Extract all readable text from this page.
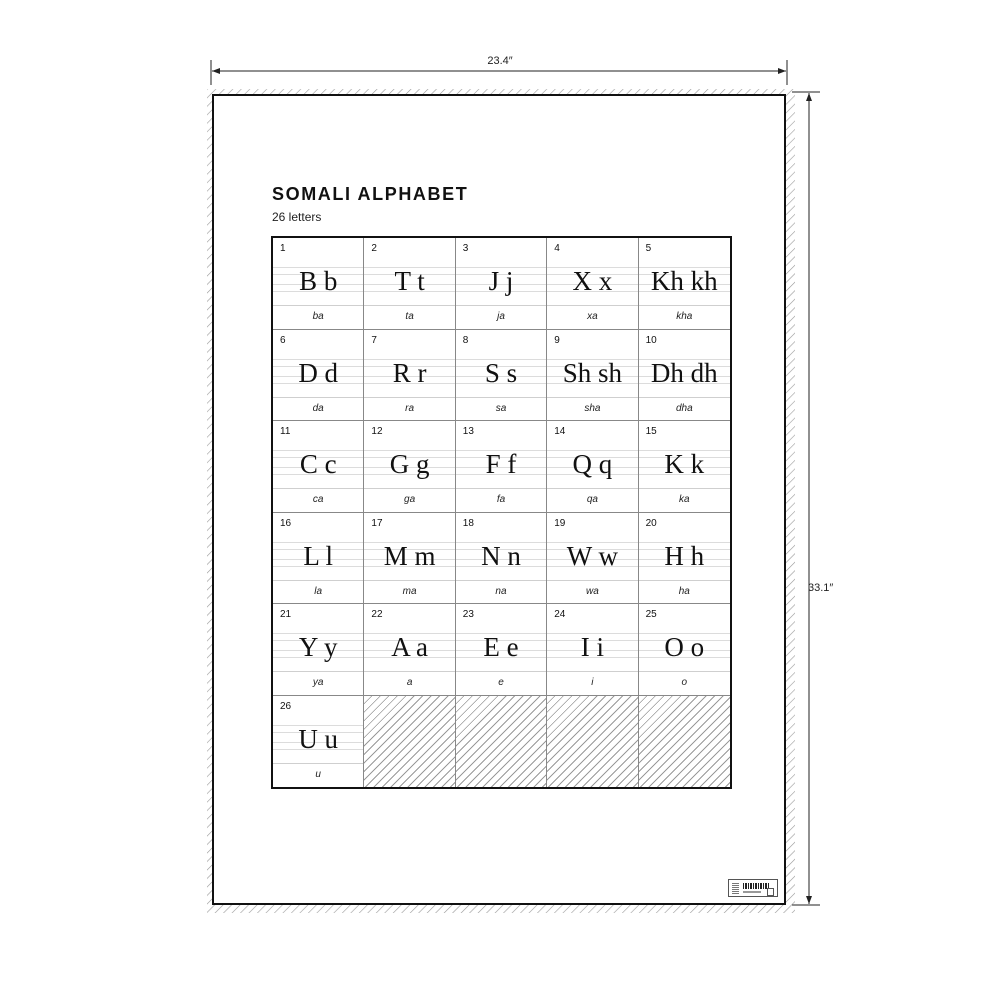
23.4″
33.1″
SOMALI ALPHABET
26 letters
1
B b
ba
2
T t
ta
3
J j
ja
4
X x
xa
5
Kh kh
kha
6
D d
da
7
R r
ra
8
S s
sa
9
Sh sh
sha
10
Dh dh
dha
11
C c
ca
12
G g
ga
13
F f
fa
14
Q q
qa
15
K k
ka
16
L l
la
17
M m
ma
18
N n
na
19
W w
wa
20
H h
ha
21
Y y
ya
22
A a
a
23
E e
e
24
I i
i
25
O o
o
26
U u
u
